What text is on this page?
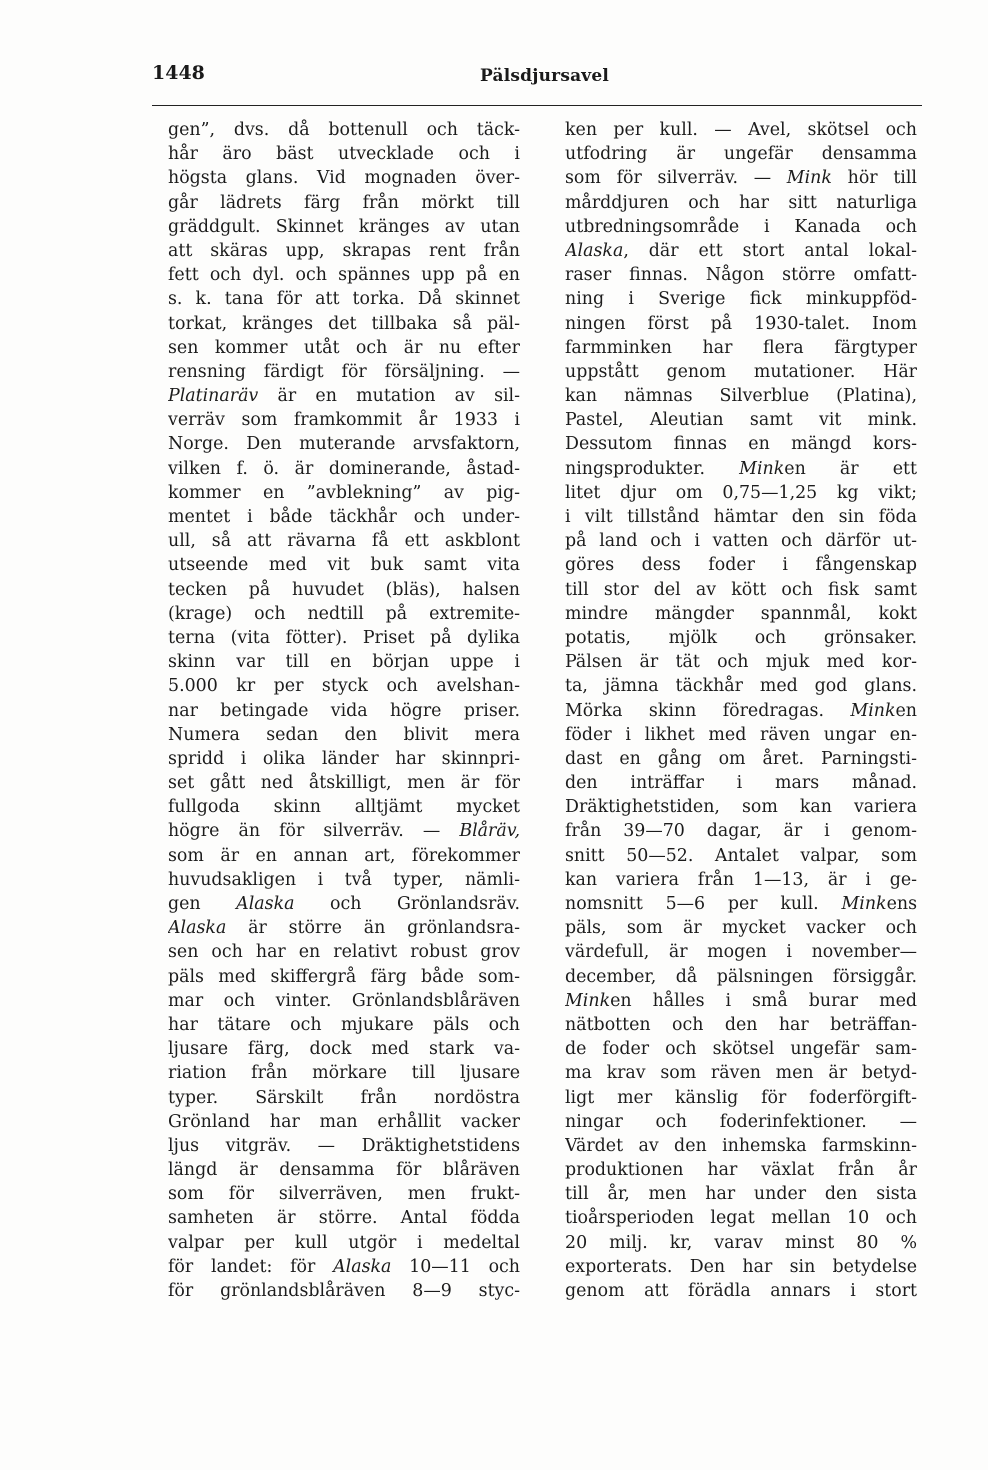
1448	Pälsdjursavel
gen”, dvs. då bottenull och täck-
hår äro bäst utvecklade och i
högsta glans. Vid mognaden över-
går lädrets färg från mörkt till
gräddgult. Skinnet kränges av utan
att skäras upp, skrapas rent från
fett och dyl. och spännes upp på en
s. k. tana för att torka. Då skinnet
torkat, kränges det tillbaka så päl-
sen kommer utåt och är nu efter
rensning färdigt för försäljning. —
Platinaräv är en mutation av sil-
verräv som framkommit år 1933 i
Norge. Den muterande arvsfaktorn,
vilken f. ö. är dominerande, åstad-
kommer en ”avblekning” av pig-
mentet i både täckhår och under-
ull, så att rävarna få ett askblont
utseende med vit buk samt vita
tecken på huvudet (bläs), halsen
(krage) och nedtill på extremite-
terna (vita fötter). Priset på dylika
skinn var till en början uppe i
5.000 kr per styck och avelshan-
nar betingade vida högre priser.
Numera sedan den blivit mera
spridd i olika länder har skinnpri-
set gått ned åtskilligt, men är för
fullgoda skinn alltjämt mycket
högre än för silverräv. — Blåräv,
som är en annan art, förekommer
huvudsakligen i två typer, nämli-
gen Alaska och Grönlandsräv.
Alaska är större än grönlandsra-
sen och har en relativt robust grov
päls med skiffergrå färg både som-
mar och vinter. Grönlandsblåräven
har tätare och mjukare päls och
ljusare färg, dock med stark va-
riation från mörkare till ljusare
typer. Särskilt från nordöstra
Grönland har man erhållit vacker
ljus vitgräv. — Dräktighetstidens
längd är densamma för blåräven
som för silverräven, men frukt-
samheten är större. Antal födda
valpar per kull utgör i medeltal
för landet: för Alaska 10—11 och
för grönlandsblåräven 8—9 styc-
ken per kull. — Avel, skötsel och
utfodring är ungefär densamma
som för silverräv. — Mink hör till
mårddjuren och har sitt naturliga
utbredningsområde i Kanada och
Alaska, där ett stort antal lokal-
raser finnas. Någon större omfatt-
ning i Sverige fick minkuppföd-
ningen först på 1930-talet. Inom
farmminken har flera färgtyper
uppstått genom mutationer. Här
kan nämnas Silverblue (Platina),
Pastel, Aleutian samt vit mink.
Dessutom finnas en mängd kors-
ningsprodukter. Minken är ett
litet djur om 0,75—1,25 kg vikt;
i vilt tillstånd hämtar den sin föda
på land och i vatten och därför ut-
göres dess foder i fångenskap
till stor del av kött och fisk samt
mindre mängder spannmål, kokt
potatis, mjölk och grönsaker.
Pälsen är tät och mjuk med kor-
ta, jämna täckhår med god glans.
Mörka skinn föredragas. Minken
föder i likhet med räven ungar en-
dast en gång om året. Parningsti-
den inträffar i mars månad.
Dräktighetstiden, som kan variera
från 39—70 dagar, är i genom-
snitt 50—52. Antalet valpar, som
kan variera från 1—13, är i ge-
nomsnitt 5—6 per kull. Minkens
päls, som är mycket vacker och
värdefull, är mogen i november—
december, då pälsningen försiggår.
Minken hålles i små burar med
nätbotten och den har beträffan-
de foder och skötsel ungefär sam-
ma krav som räven men är betyd-
ligt mer känslig för foderförgift-
ningar och foderinfektioner. —
Värdet av den inhemska farmskinn-
produktionen har växlat från år
till år, men har under den sista
tioårsperioden legat mellan 10 och
20 milj. kr, varav minst 80 %
exporterats. Den har sin betydelse
genom att förädla annars i stort
